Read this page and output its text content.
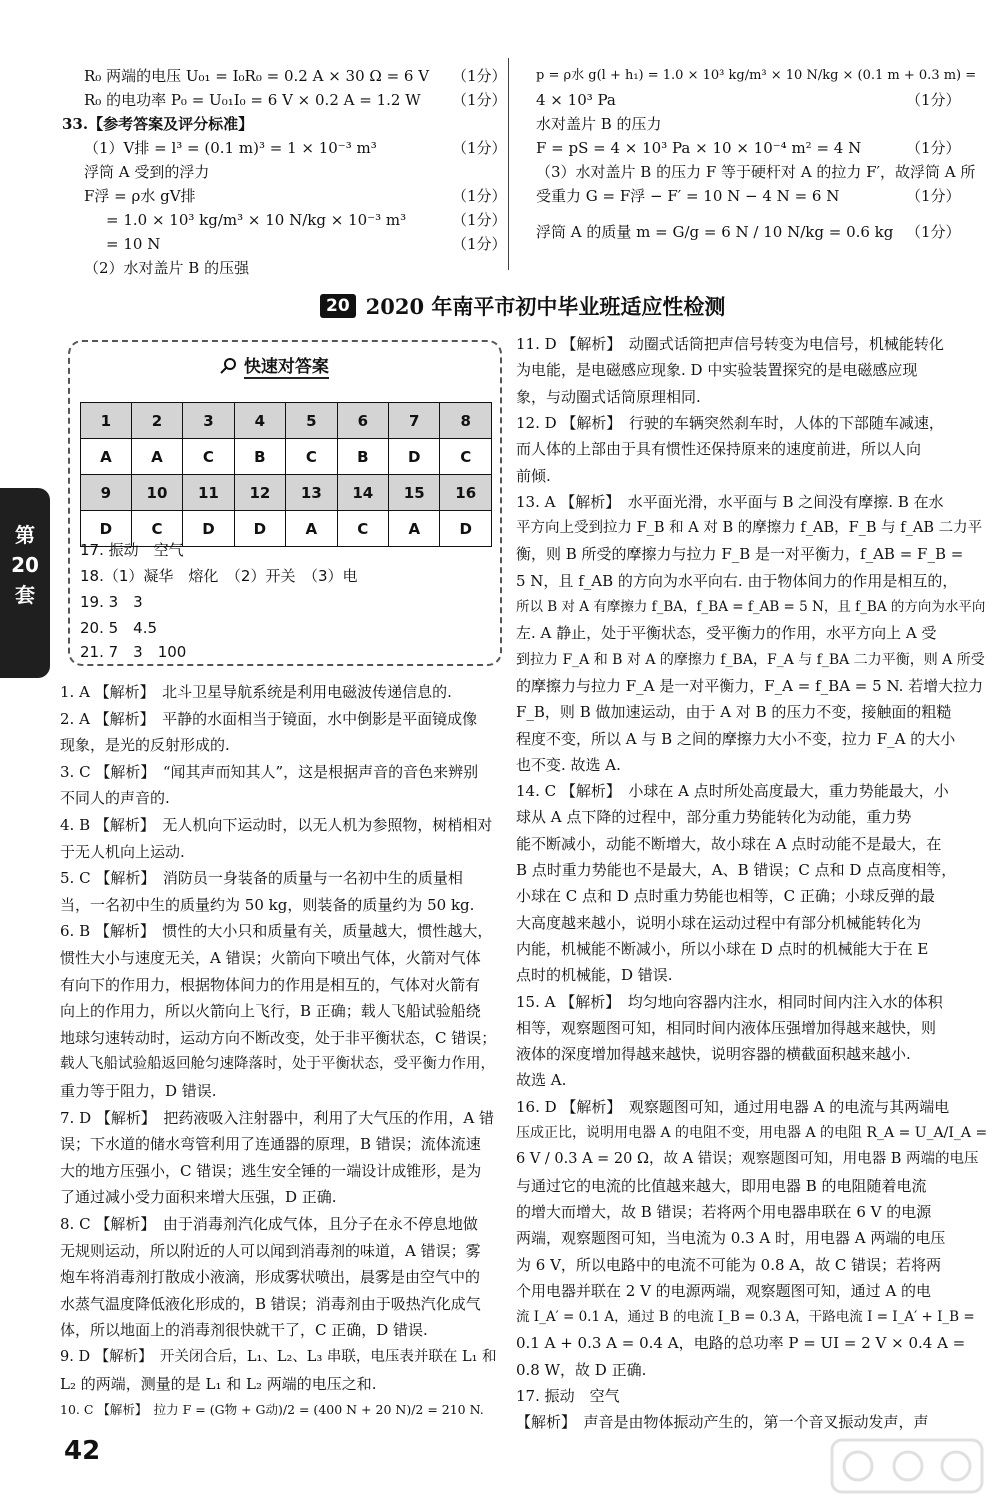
第
20
套
R₀ 两端的电压 U₀₁ = I₀R₀ = 0.2 A × 30 Ω = 6 V （1分）
R₀ 的电功率 P₀ = U₀₁I₀ = 6 V × 0.2 A = 1.2 W （1分）
33.【参考答案及评分标准】
（1）V排 = l³ = (0.1 m)³ = 1 × 10⁻³ m³	（1分）
浮筒 A 受到的浮力
F浮 = ρ水 gV排	（1分）
= 1.0 × 10³ kg/m³ × 10 N/kg × 10⁻³ m³	（1分）
= 10 N	（1分）
（2）水对盖片 B 的压强
p = ρ水 g(l + h₁) = 1.0 × 10³ kg/m³ × 10 N/kg × (0.1 m + 0.3 m) =
4 × 10³ Pa	（1分）
水对盖片 B 的压力
F = pS = 4 × 10³ Pa × 10 × 10⁻⁴ m² = 4 N	（1分）
（3）水对盖片 B 的压力 F 等于硬杆对 A 的拉力 F′，故浮筒 A 所
受重力 G = F浮 − F′ = 10 N − 4 N = 6 N	（1分）
浮筒 A 的质量 m = G/g = 6 N / 10 N/kg = 0.6 kg （1分）
20 2020 年南平市初中毕业班适应性检测
快速对答案
1	2	3	4	5	6	7	8
A	A	C	B	C	B	D	C
9	10	11	12	13	14	15	16
D	C	D	D	A	C	A	D
17. 振动　空气
18.（1）凝华　熔化　（2）开关　（3）电
19. 3　3
20. 5　4.5
21. 7　3　100
1. A 【解析】　北斗卫星导航系统是利用电磁波传递信息的.
2. A 【解析】　平静的水面相当于镜面，水中倒影是平面镜成像
现象，是光的反射形成的.
3. C 【解析】　“闻其声而知其人”，这是根据声音的音色来辨别
不同人的声音的.
4. B 【解析】　无人机向下运动时，以无人机为参照物，树梢相对
于无人机向上运动.
5. C 【解析】　消防员一身装备的质量与一名初中生的质量相
当，一名初中生的质量约为 50 kg，则装备的质量约为 50 kg.
6. B 【解析】　惯性的大小只和质量有关，质量越大，惯性越大，
惯性大小与速度无关，A 错误；火箭向下喷出气体，火箭对气体
有向下的作用力，根据物体间力的作用是相互的，气体对火箭有
向上的作用力，所以火箭向上飞行，B 正确；载人飞船试验船绕
地球匀速转动时，运动方向不断改变，处于非平衡状态，C 错误；
载人飞船试验船返回舱匀速降落时，处于平衡状态，受平衡力作用，
重力等于阻力，D 错误.
7. D 【解析】　把药液吸入注射器中，利用了大气压的作用，A 错
误；下水道的储水弯管利用了连通器的原理，B 错误；流体流速
大的地方压强小，C 错误；逃生安全锤的一端设计成锥形，是为
了通过减小受力面积来增大压强，D 正确.
8. C 【解析】　由于消毒剂汽化成气体，且分子在永不停息地做
无规则运动，所以附近的人可以闻到消毒剂的味道，A 错误；雾
炮车将消毒剂打散成小液滴，形成雾状喷出，晨雾是由空气中的
水蒸气温度降低液化形成的，B 错误；消毒剂由于吸热汽化成气
体，所以地面上的消毒剂很快就干了，C 正确，D 错误.
9. D 【解析】　开关闭合后，L₁、L₂、L₃ 串联，电压表并联在 L₁ 和
L₂ 的两端，测量的是 L₁ 和 L₂ 两端的电压之和.
10. C 【解析】　拉力 F = (G物 + G动)/2 = (400 N + 20 N)/2 = 210 N.
11. D 【解析】　动圈式话筒把声信号转变为电信号，机械能转化
为电能，是电磁感应现象. D 中实验装置探究的是电磁感应现
象，与动圈式话筒原理相同.
12. D 【解析】　行驶的车辆突然刹车时，人体的下部随车减速，
而人体的上部由于具有惯性还保持原来的速度前进，所以人向
前倾.
13. A 【解析】　水平面光滑，水平面与 B 之间没有摩擦. B 在水
平方向上受到拉力 F_B 和 A 对 B 的摩擦力 f_AB，F_B 与 f_AB 二力平
衡，则 B 所受的摩擦力与拉力 F_B 是一对平衡力，f_AB = F_B =
5 N，且 f_AB 的方向为水平向右. 由于物体间力的作用是相互的，
所以 B 对 A 有摩擦力 f_BA，f_BA = f_AB = 5 N，且 f_BA 的方向为水平向
左. A 静止，处于平衡状态，受平衡力的作用，水平方向上 A 受
到拉力 F_A 和 B 对 A 的摩擦力 f_BA，F_A 与 f_BA 二力平衡，则 A 所受
的摩擦力与拉力 F_A 是一对平衡力，F_A = f_BA = 5 N. 若增大拉力
F_B，则 B 做加速运动，由于 A 对 B 的压力不变，接触面的粗糙
程度不变，所以 A 与 B 之间的摩擦力大小不变，拉力 F_A 的大小
也不变. 故选 A.
14. C 【解析】　小球在 A 点时所处高度最大，重力势能最大，小
球从 A 点下降的过程中，部分重力势能转化为动能，重力势
能不断减小，动能不断增大，故小球在 A 点时动能不是最大，在
B 点时重力势能也不是最大，A、B 错误；C 点和 D 点高度相等，
小球在 C 点和 D 点时重力势能也相等，C 正确；小球反弹的最
大高度越来越小，说明小球在运动过程中有部分机械能转化为
内能，机械能不断减小，所以小球在 D 点时的机械能大于在 E
点时的机械能，D 错误.
15. A 【解析】　均匀地向容器内注水，相同时间内注入水的体积
相等，观察题图可知，相同时间内液体压强增加得越来越快，则
液体的深度增加得越来越快，说明容器的横截面积越来越小.
故选 A.
16. D 【解析】　观察题图可知，通过用电器 A 的电流与其两端电
压成正比，说明用电器 A 的电阻不变，用电器 A 的电阻 R_A = U_A/I_A =
6 V / 0.3 A = 20 Ω，故 A 错误；观察题图可知，用电器 B 两端的电压
与通过它的电流的比值越来越大，即用电器 B 的电阻随着电流
的增大而增大，故 B 错误；若将两个用电器串联在 6 V 的电源
两端，观察题图可知，当电流为 0.3 A 时，用电器 A 两端的电压
为 6 V，所以电路中的电流不可能为 0.8 A，故 C 错误；若将两
个用电器并联在 2 V 的电源两端，观察题图可知，通过 A 的电
流 I_A′ = 0.1 A，通过 B 的电流 I_B = 0.3 A，干路电流 I = I_A′ + I_B =
0.1 A + 0.3 A = 0.4 A，电路的总功率 P = UI = 2 V × 0.4 A =
0.8 W，故 D 正确.
17. 振动　空气
【解析】　声音是由物体振动产生的，第一个音叉振动发声，声
42
